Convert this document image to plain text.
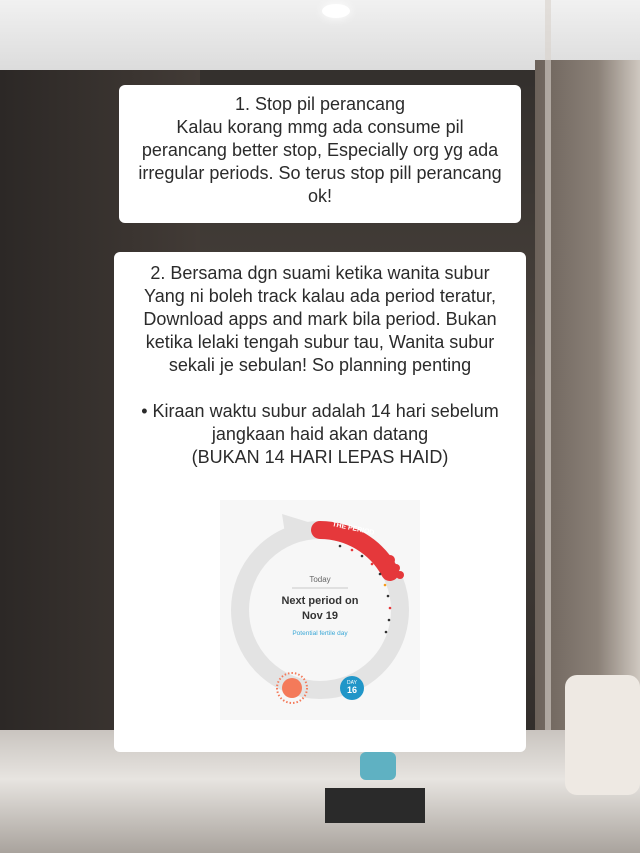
1. Stop pil perancang
Kalau korang mmg ada consume pil
perancang better stop, Especially org yg ada
irregular periods. So terus stop pill perancang
ok!
2. Bersama dgn suami ketika wanita subur
Yang ni boleh track kalau ada period teratur,
Download apps and mark bila period. Bukan
ketika lelaki tengah subur tau, Wanita subur
sekali je sebulan! So planning penting
• Kiraan waktu subur adalah 14 hari sebelum
jangkaan haid akan datang
(BUKAN 14 HARI LEPAS HAID)
THE PERIOD
Today
Next period on
Nov 19
Potential fertile day
DAY
16
